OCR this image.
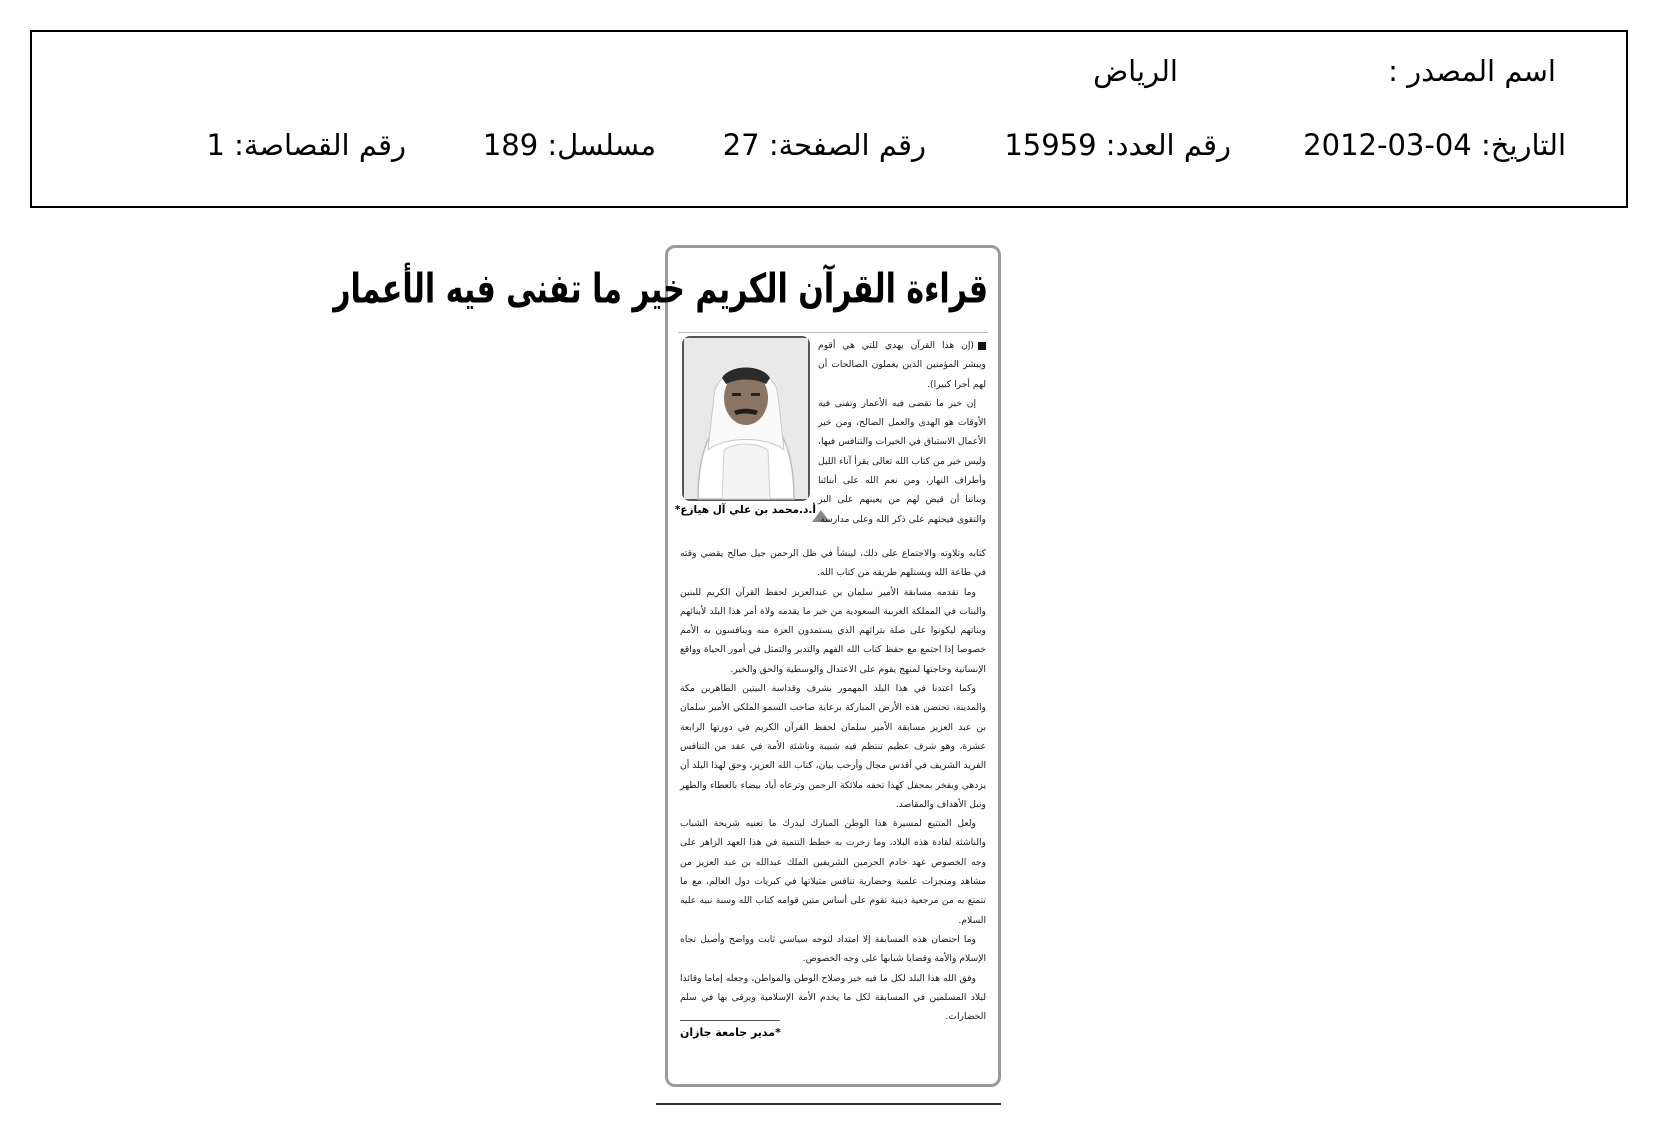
اسم المصدر :
الرياض
التاريخ: 04-03-2012
رقم العدد: 15959
رقم الصفحة: 27
مسلسل: 189
رقم القصاصة: 1
قراءة القرآن الكريم خير ما تفنى فيه الأعمار
أ.د.محمد بن علي آل هيازع*

(إن هذا القرآن يهدي للتي هي أقوم ويبشر المؤمنين الذين يعملون الصالحات أن لهم أجرا كبيرا).

إن خير ما تقضى فيه الأعمار وتفنى فيه الأوقات هو الهدى والعمل الصالح، ومن خير الأعمال الاستباق في الخيرات والتنافس فيها، وليس خير من كتاب الله تعالى يقرأ آناء الليل وأطراف النهار، ومن نعم الله على أبنائنا وبناتنا أن قيض لهم من يعينهم على البر والتقوى فيحثهم على ذكر الله وعلى مدارسة

كتابه وتلاوته والاجتماع على ذلك، لينشأ في ظل الرحمن جيل صالح يقضي وقته في طاعة الله ويستلهم طريقه من كتاب الله.

وما تقدمه مسابقة الأمير سلمان بن عبدالعزيز لحفظ القرآن الكريم للبنين والبنات في المملكة العربية السعودية من خير ما يقدمه ولاة أمر هذا البلد لأبنائهم وبناتهم ليكونوا على صلة بتراثهم الذي يستمدون العزة منه وينافسون به الأمم خصوصا إذا اجتمع مع حفظ كتاب الله الفهم والتدبر والتمثل في أمور الحياة وواقع الإنسانية وحاجتها لمنهج يقوم على الاعتدال والوسطية والحق والخير.

وكما اعتدنا في هذا البلد المهمور بشرف وقداسة البيتين الطاهرين مكة والمدينة، تحتضن هذه الأرض المباركة برعاية صاحب السمو الملكي الأمير سلمان بن عبد العزيز مسابقة الأمير سلمان لحفظ القرآن الكريم في دورتها الرابعة عشرة، وهو شرف عظيم تنتظم فيه شبيبة وناشئة الأمة في عقد من التنافس الفريد الشريف في أقدس مجال وأرحب بيان، كتاب الله العزيز، وحق لهذا البلد أن يزدهي ويفخر بمحفل كهذا تحفه ملائكة الرحمن وترعاه أياد بيضاء بالعطاء والطهر ونبل الأهداف والمقاصد.

ولعل المتتبع لمسيرة هذا الوطن المبارك ليدرك ما تعنيه شريحة الشباب والناشئة لقادة هذه البلاد، وما زخرت به خطط التنمية في هذا العهد الزاهر على وجه الخصوص عهد خادم الحرمين الشريفين الملك عبدالله بن عبد العزيز من مشاهد ومنجزات علمية وحضارية تنافس مثيلاتها في كبريات دول العالم، مع ما تتمتع به من مرجعية دينية تقوم على أساس متين قوامه كتاب الله وسنة نبيه عليه السلام.

وما احتضان هذه المسابقة إلا امتداد لتوجه سياسي ثابت وواضح وأصيل تجاه الإسلام والأمة وقضايا شبابها على وجه الخصوص.

وفق الله هذا البلد لكل ما فيه خير وصلاح الوطن والمواطن، وجعله إماما وقائدا لبلاد المسلمين في المسابقة لكل ما يخدم الأمة الإسلامية ويرقى بها في سلم الحضارات.

*مدير جامعة جازان
